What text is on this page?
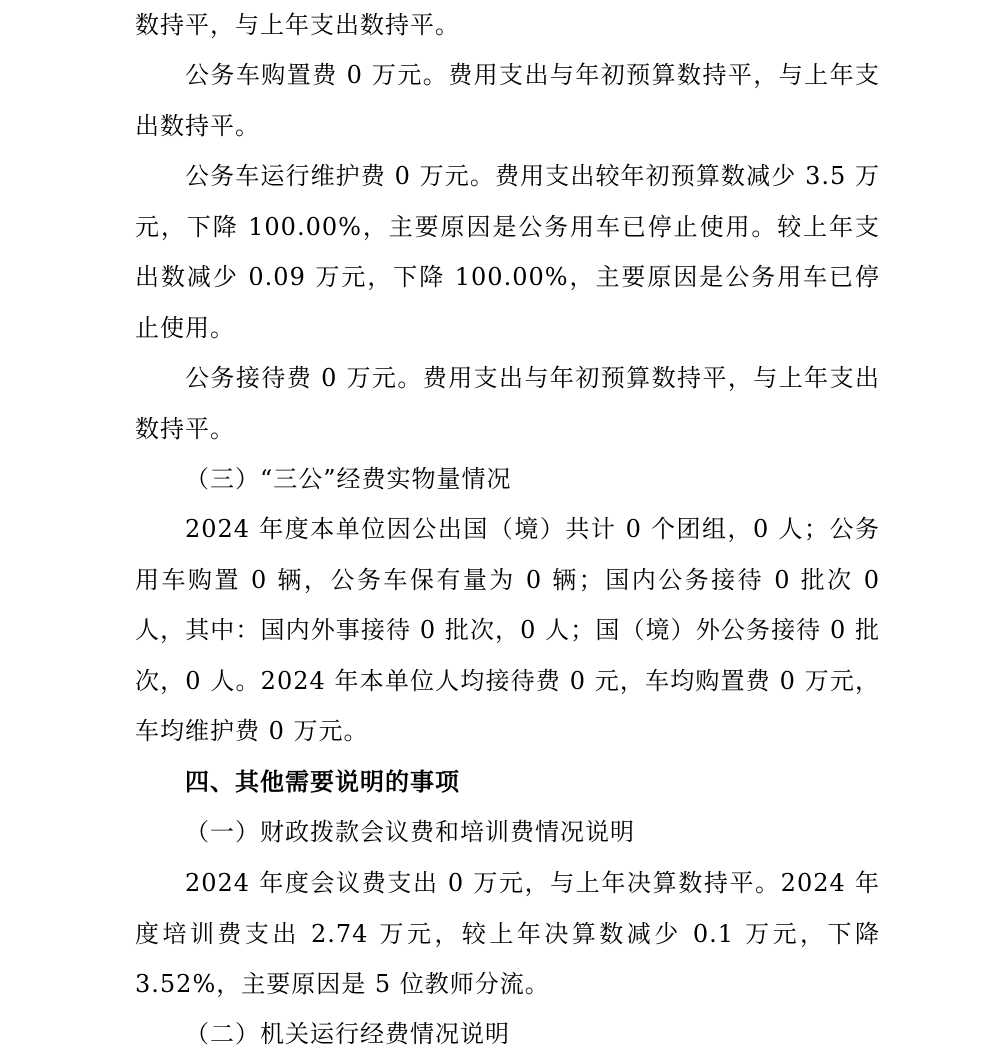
数持平，与上年支出数持平。

公务车购置费 0 万元。费用支出与年初预算数持平，与上年支出数持平。

公务车运行维护费 0 万元。费用支出较年初预算数减少 3.5 万元，下降 100.00%，主要原因是公务用车已停止使用。较上年支出数减少 0.09 万元，下降 100.00%，主要原因是公务用车已停止使用。

公务接待费 0 万元。费用支出与年初预算数持平，与上年支出数持平。

（三）“三公”经费实物量情况

2024 年度本单位因公出国（境）共计 0 个团组，0 人；公务用车购置 0 辆，公务车保有量为 0 辆；国内公务接待 0 批次 0 人，其中：国内外事接待 0 批次，0 人；国（境）外公务接待 0 批次，0 人。2024 年本单位人均接待费 0 元，车均购置费 0 万元，车均维护费 0 万元。

四、其他需要说明的事项

（一）财政拨款会议费和培训费情况说明

2024 年度会议费支出 0 万元，与上年决算数持平。2024 年度培训费支出 2.74 万元，较上年决算数减少 0.1 万元，下降 3.52%，主要原因是 5 位教师分流。

（二）机关运行经费情况说明
